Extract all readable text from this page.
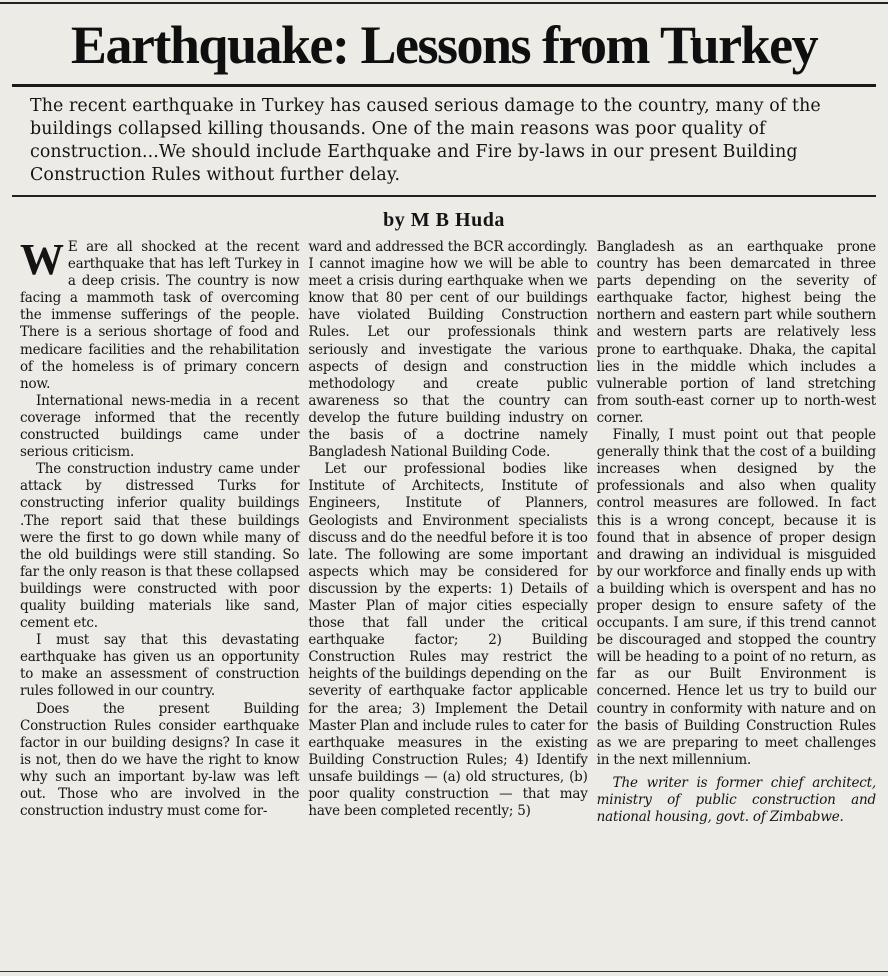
Earthquake: Lessons from Turkey

The recent earthquake in Turkey has caused serious damage to the country, many of the buildings collapsed killing thousands. One of the main reasons was poor quality of construction...We should include Earthquake and Fire by-laws in our present Building Construction Rules without further delay.

by M B Huda

W E are all shocked at the recent earthquake that has left Turkey in a deep crisis. The country is now facing a mammoth task of overcoming the immense sufferings of the people. There is a serious shortage of food and medicare facilities and the rehabilitation of the homeless is of primary concern now.

International news-media in a recent coverage informed that the recently constructed buildings came under serious criticism.

The construction industry came under attack by distressed Turks for constructing inferior quality buildings .The report said that these buildings were the first to go down while many of the old buildings were still standing. So far the only reason is that these collapsed buildings were constructed with poor quality building materials like sand, cement etc.

I must say that this devastating earthquake has given us an opportunity to make an assessment of construction rules followed in our country.

Does the present Building Construction Rules consider earthquake factor in our building designs? In case it is not, then do we have the right to know why such an important by-law was left out. Those who are involved in the construction industry must come for-

ward and addressed the BCR accordingly. I cannot imagine how we will be able to meet a crisis during earthquake when we know that 80 per cent of our buildings have violated Building Construction Rules. Let our professionals think seriously and investigate the various aspects of design and construction methodology and create public awareness so that the country can develop the future building industry on the basis of a doctrine namely Bangladesh National Building Code.

Let our professional bodies like Institute of Architects, Institute of Engineers, Institute of Planners, Geologists and Environment specialists discuss and do the needful before it is too late. The following are some important aspects which may be considered for discussion by the experts: 1) Details of Master Plan of major cities especially those that fall under the critical earthquake factor; 2) Building Construction Rules may restrict the heights of the buildings depending on the severity of earthquake factor applicable for the area; 3) Implement the Detail Master Plan and include rules to cater for earthquake measures in the existing Building Construction Rules; 4) Identify unsafe buildings — (a) old structures, (b) poor quality construction — that may have been completed recently; 5)

Bangladesh as an earthquake prone country has been demarcated in three parts depending on the severity of earthquake factor, highest being the northern and eastern part while southern and western parts are relatively less prone to earthquake. Dhaka, the capital lies in the middle which includes a vulnerable portion of land stretching from south-east corner up to north-west corner.

Finally, I must point out that people generally think that the cost of a building increases when designed by the professionals and also when quality control measures are followed. In fact this is a wrong concept, because it is found that in absence of proper design and drawing an individual is misguided by our workforce and finally ends up with a building which is overspent and has no proper design to ensure safety of the occupants. I am sure, if this trend cannot be discouraged and stopped the country will be heading to a point of no return, as far as our Built Environment is concerned. Hence let us try to build our country in conformity with nature and on the basis of Building Construction Rules as we are preparing to meet challenges in the next millennium.

The writer is former chief architect, ministry of public construction and national housing, govt. of Zimbabwe.
